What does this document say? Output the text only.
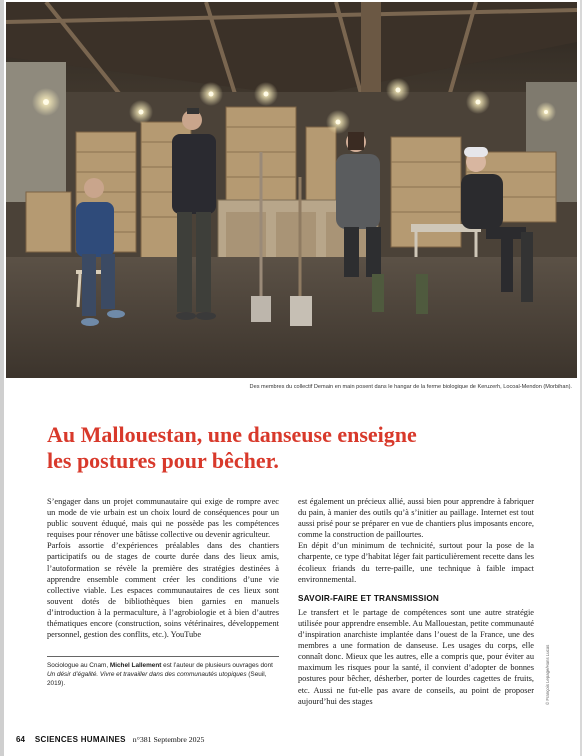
Des membres du collectif Demain en main posent dans le hangar de la ferme biologique de Keruzerh, Locoal-Mendon (Morbihan).
Au Mallouestan, une danseuse enseigne
les postures pour bêcher.

S’engager dans un projet communautaire qui exige de rompre avec un mode de vie urbain est un choix lourd de conséquences pour un public souvent éduqué, mais qui ne possède pas les compétences requises pour rénover une bâtisse collective ou devenir agriculteur.

Parfois assortie d’expériences préalables dans des chantiers participatifs ou de stages de courte durée dans des lieux amis, l’autoformation se révèle la première des stratégies destinées à apprendre ensemble comment créer les conditions d’une vie collective viable. Les espaces communautaires de ces lieux sont souvent dotés de bibliothèques bien garnies en manuels d’introduction à la permaculture, à l’agrobiologie et à bien d’autres thématiques encore (construction, soins vétérinaires, développement personnel, gestion des conflits, etc.). YouTube

Sociologue au Cnam, Michel Lallement est l’auteur de plusieurs ouvrages dont Un désir d’égalité. Vivre et travailler dans des communautés utopiques (Seuil, 2019).

est également un précieux allié, aussi bien pour apprendre à fabriquer du pain, à manier des outils qu’à s’initier au paillage. Internet est tout aussi prisé pour se préparer en vue de chantiers plus imposants encore, comme la construction de paillourtes.

En dépit d’un minimum de technicité, surtout pour la pose de la charpente, ce type d’habitat léger fait particulièrement recette dans les écolieux friands du terre-paille, une technique à faible impact environnemental.

SAVOIR-FAIRE ET TRANSMISSION

Le transfert et le partage de compétences sont une autre stratégie utilisée pour apprendre ensemble. Au Mallouestan, petite communauté d’inspiration anarchiste implantée dans l’ouest de la France, une des membres a une formation de danseuse. Les usages du corps, elle connaît donc. Mieux que les autres, elle a compris que, pour éviter au maximum les risques pour la santé, il convient d’adopter de bonnes postures pour bêcher, désherber, porter de lourdes cagettes de fruits, etc. Aussi ne fut-elle pas avare de conseils, au point de proposer aujourd’hui des stages	© François Lepage/Hans Lucas
64 SCIENCES HUMAINES n°381 Septembre 2025
